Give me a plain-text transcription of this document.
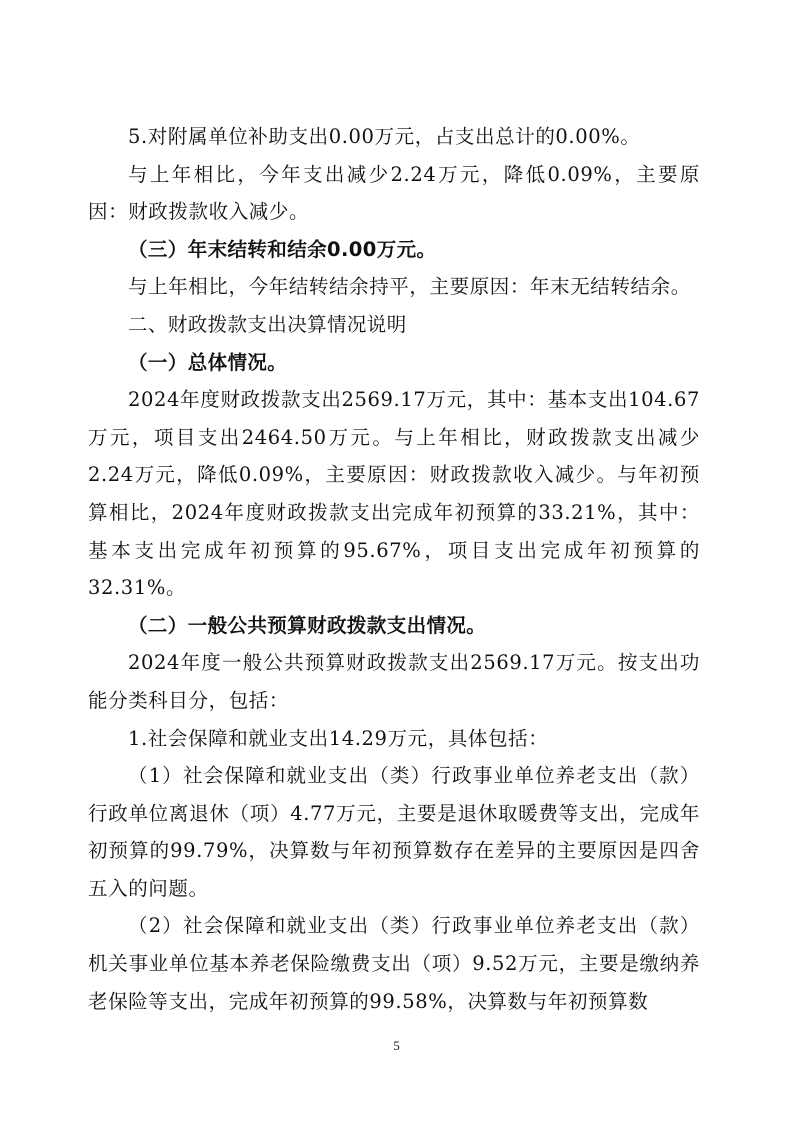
5.对附属单位补助支出0.00万元，占支出总计的0.00%。

与上年相比，今年支出减少2.24万元，降低0.09%，主要原因：财政拨款收入减少。

（三）年末结转和结余0.00万元。

与上年相比，今年结转结余持平，主要原因：年末无结转结余。

二、财政拨款支出决算情况说明

（一）总体情况。

2024年度财政拨款支出2569.17万元，其中：基本支出104.67万元，项目支出2464.50万元。与上年相比，财政拨款支出减少2.24万元，降低0.09%，主要原因：财政拨款收入减少。与年初预算相比，2024年度财政拨款支出完成年初预算的33.21%，其中：基本支出完成年初预算的95.67%，项目支出完成年初预算的32.31%。

（二）一般公共预算财政拨款支出情况。

2024年度一般公共预算财政拨款支出2569.17万元。按支出功能分类科目分，包括：

1.社会保障和就业支出14.29万元，具体包括：

（1）社会保障和就业支出（类）行政事业单位养老支出（款）行政单位离退休（项）4.77万元，主要是退休取暖费等支出，完成年初预算的99.79%，决算数与年初预算数存在差异的主要原因是四舍五入的问题。

（2）社会保障和就业支出（类）行政事业单位养老支出（款）机关事业单位基本养老保险缴费支出（项）9.52万元，主要是缴纳养老保险等支出，完成年初预算的99.58%，决算数与年初预算数

5
